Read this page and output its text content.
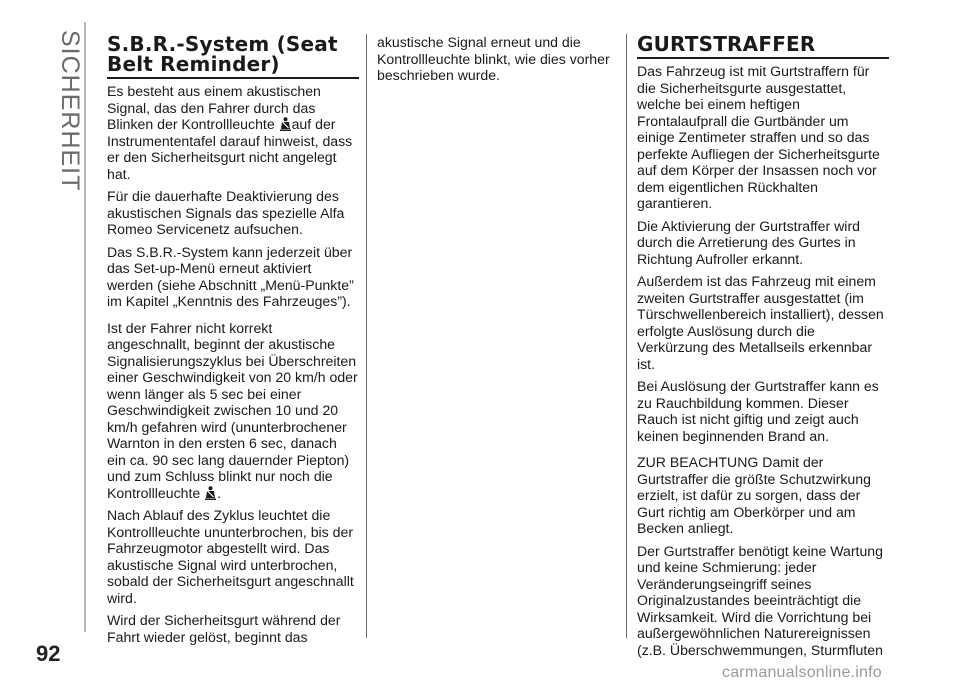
SICHERHEIT
92
S.B.R.-System (Seat Belt Reminder)

Es besteht aus einem akustischen Signal, das den Fahrer durch das Blinken der Kontrollleuchte auf der Instrumententafel darauf hinweist, dass er den Sicherheitsgurt nicht angelegt hat.

Für die dauerhafte Deaktivierung des akustischen Signals das spezielle Alfa Romeo Servicenetz aufsuchen.

Das S.B.R.-System kann jederzeit über das Set-up-Menü erneut aktiviert werden (siehe Abschnitt „Menü-Punkte” im Kapitel „Kenntnis des Fahrzeuges”).

Ist der Fahrer nicht korrekt angeschnallt, beginnt der akustische Signalisierungszyklus bei Überschreiten einer Geschwindigkeit von 20 km/h oder wenn länger als 5 sec bei einer Geschwindigkeit zwischen 10 und 20 km/h gefahren wird (ununterbrochener Warnton in den ersten 6 sec, danach ein ca. 90 sec lang dauernder Piepton) und zum Schluss blinkt nur noch die Kontrollleuchte .

Nach Ablauf des Zyklus leuchtet die Kontrollleuchte ununterbrochen, bis der Fahrzeugmotor abgestellt wird. Das akustische Signal wird unterbrochen, sobald der Sicherheitsgurt angeschnallt wird.

Wird der Sicherheitsgurt während der Fahrt wieder gelöst, beginnt das

akustische Signal erneut und die Kontrollleuchte blinkt, wie dies vorher beschrieben wurde.

GURTSTRAFFER

Das Fahrzeug ist mit Gurtstraffern für die Sicherheitsgurte ausgestattet, welche bei einem heftigen Frontalaufprall die Gurtbänder um einige Zentimeter straffen und so das perfekte Aufliegen der Sicherheitsgurte auf dem Körper der Insassen noch vor dem eigentlichen Rückhalten garantieren.

Die Aktivierung der Gurtstraffer wird durch die Arretierung des Gurtes in Richtung Aufroller erkannt.

Außerdem ist das Fahrzeug mit einem zweiten Gurtstraffer ausgestattet (im Türschwellenbereich installiert), dessen erfolgte Auslösung durch die Verkürzung des Metallseils erkennbar ist.

Bei Auslösung der Gurtstraffer kann es zu Rauchbildung kommen. Dieser Rauch ist nicht giftig und zeigt auch keinen beginnenden Brand an.

ZUR BEACHTUNG Damit der Gurtstraffer die größte Schutzwirkung erzielt, ist dafür zu sorgen, dass der Gurt richtig am Oberkörper und am Becken anliegt.

Der Gurtstraffer benötigt keine Wartung und keine Schmierung: jeder Veränderungseingriff seines Originalzustandes beeinträchtigt die Wirksamkeit. Wird die Vorrichtung bei außergewöhnlichen Naturereignissen (z.B. Überschwemmungen, Sturmfluten

carmanualsonline.info
